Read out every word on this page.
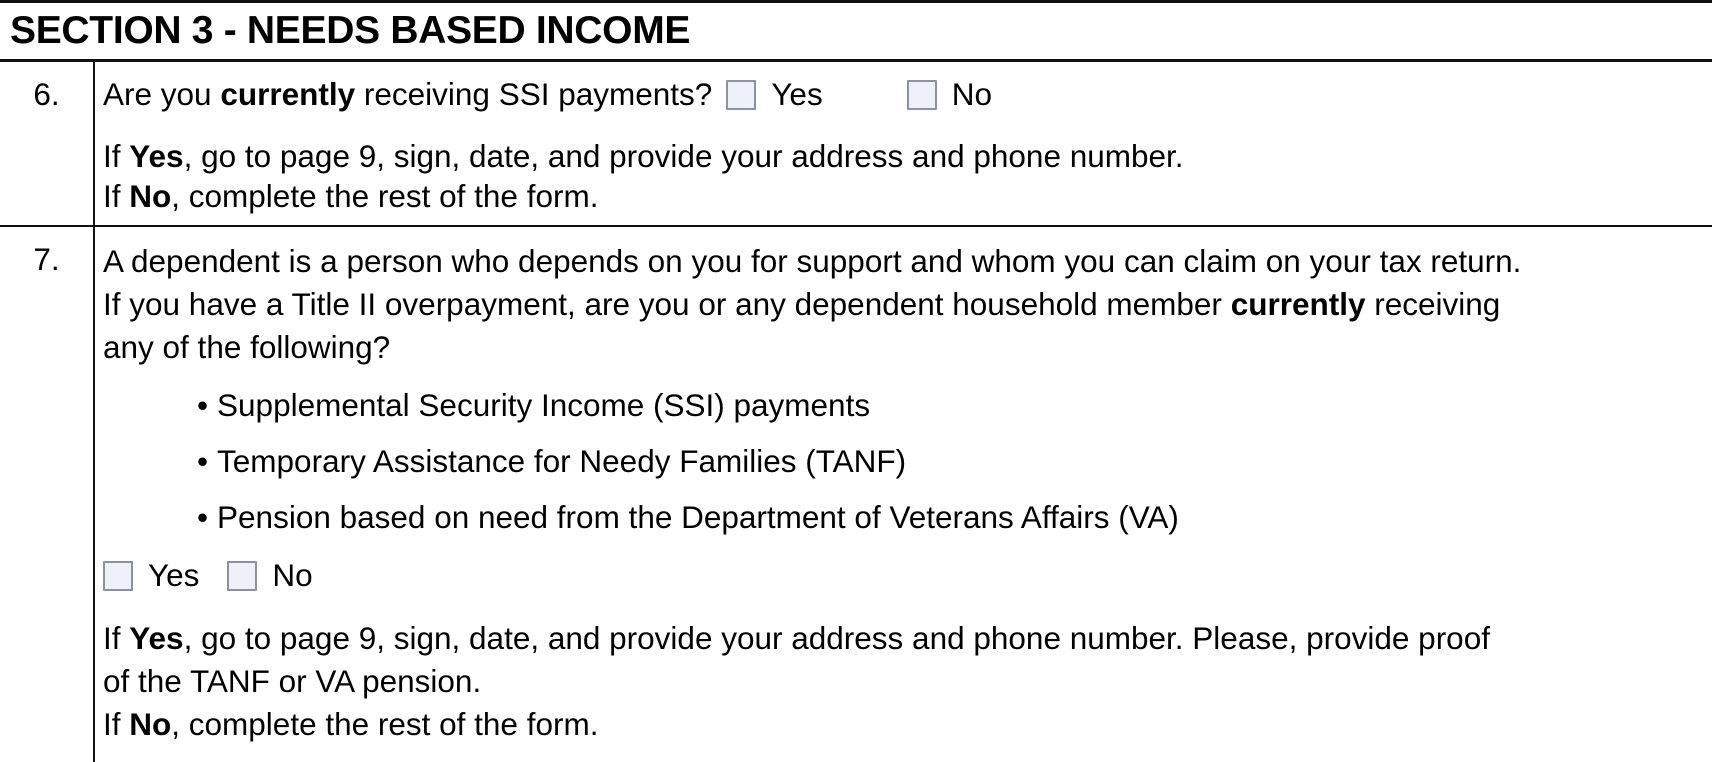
SECTION 3 - NEEDS BASED INCOME
6.	Are you currently receiving SSI payments? Yes	No
If Yes, go to page 9, sign, date, and provide your address and phone number.
If No, complete the rest of the form.
7.	A dependent is a person who depends on you for support and whom you can claim on your tax return.
If you have a Title II overpayment, are you or any dependent household member currently receiving
any of the following?
• Supplemental Security Income (SSI) payments
• Temporary Assistance for Needy Families (TANF)
• Pension based on need from the Department of Veterans Affairs (VA)
Yes No
If Yes, go to page 9, sign, date, and provide your address and phone number. Please, provide proof
of the TANF or VA pension.
If No, complete the rest of the form.
